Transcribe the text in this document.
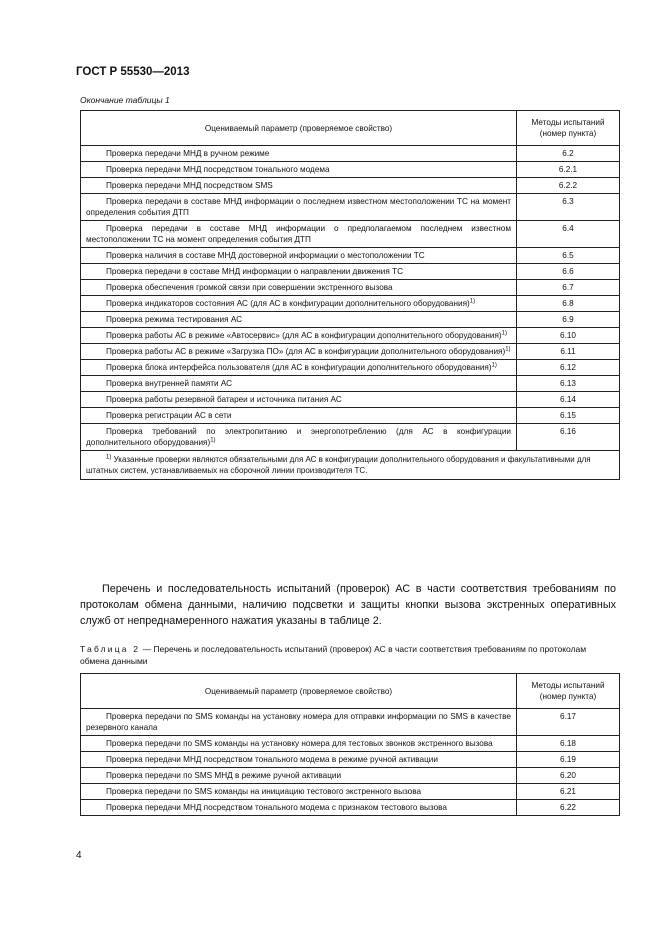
ГОСТ Р 55530—2013
Окончание таблицы 1
Оцениваемый параметр (проверяемое свойство)	Методы испытаний (номер пункта)
Проверка передачи МНД в ручном режиме	6.2
Проверка передачи МНД посредством тонального модема	6.2.1
Проверка передачи МНД посредством SMS	6.2.2
Проверка передачи в составе МНД информации о последнем известном местоположении ТС на момент определения события ДТП	6.3
Проверка передачи в составе МНД информации о предполагаемом последнем известном местоположении ТС на момент определения события ДТП	6.4
Проверка наличия в составе МНД достоверной информации о местоположении ТС	6.5
Проверка передачи в составе МНД информации о направлении движения ТС	6.6
Проверка обеспечения громкой связи при совершении экстренного вызова	6.7
Проверка индикаторов состояния АС (для АС в конфигурации дополнительного оборудования)$^{1)}$	6.8
Проверка режима тестирования АС	6.9
Проверка работы АС в режиме «Автосервис» (для АС в конфигурации дополнительного оборудования)$^{1)}$	6.10
Проверка работы АС в режиме «Загрузка ПО» (для АС в конфигурации дополнительного оборудования)$^{1)}$	6.11
Проверка блока интерфейса пользователя (для АС в конфигурации дополнительного оборудования)$^{1)}$	6.12
Проверка внутренней памяти АС	6.13
Проверка работы резервной батареи и источника питания АС	6.14
Проверка регистрации АС в сети	6.15
Проверка требований по электропитанию и энергопотреблению (для АС в конфигурации дополнительного оборудования)$^{1)}$	6.16
$^{1)}$ Указанные проверки являются обязательными для АС в конфигурации дополнительного оборудования и факультативными для штатных систем, устанавливаемых на сборочной линии производителя ТС.	
Перечень и последовательность испытаний (проверок) АС в части соответствия требованиям по протоколам обмена данными, наличию подсветки и защиты кнопки вызова экстренных оперативных служб от непреднамеренного нажатия указаны в таблице 2.
Таблица 2 — Перечень и последовательность испытаний (проверок) АС в части соответствия требованиям по протоколам обмена данными
Оцениваемый параметр (проверяемое свойство)	Методы испытаний (номер пункта)
Проверка передачи по SMS команды на установку номера для отправки информации по SMS в качестве резервного канала	6.17
Проверка передачи по SMS команды на установку номера для тестовых звонков экстренного вызова	6.18
Проверка передачи МНД посредством тонального модема в режиме ручной активации	6.19
Проверка передачи по SMS МНД в режиме ручной активации	6.20
Проверка передачи по SMS команды на инициацию тестового экстренного вызова	6.21
Проверка передачи МНД посредством тонального модема с признаком тестового вызова	6.22
4
